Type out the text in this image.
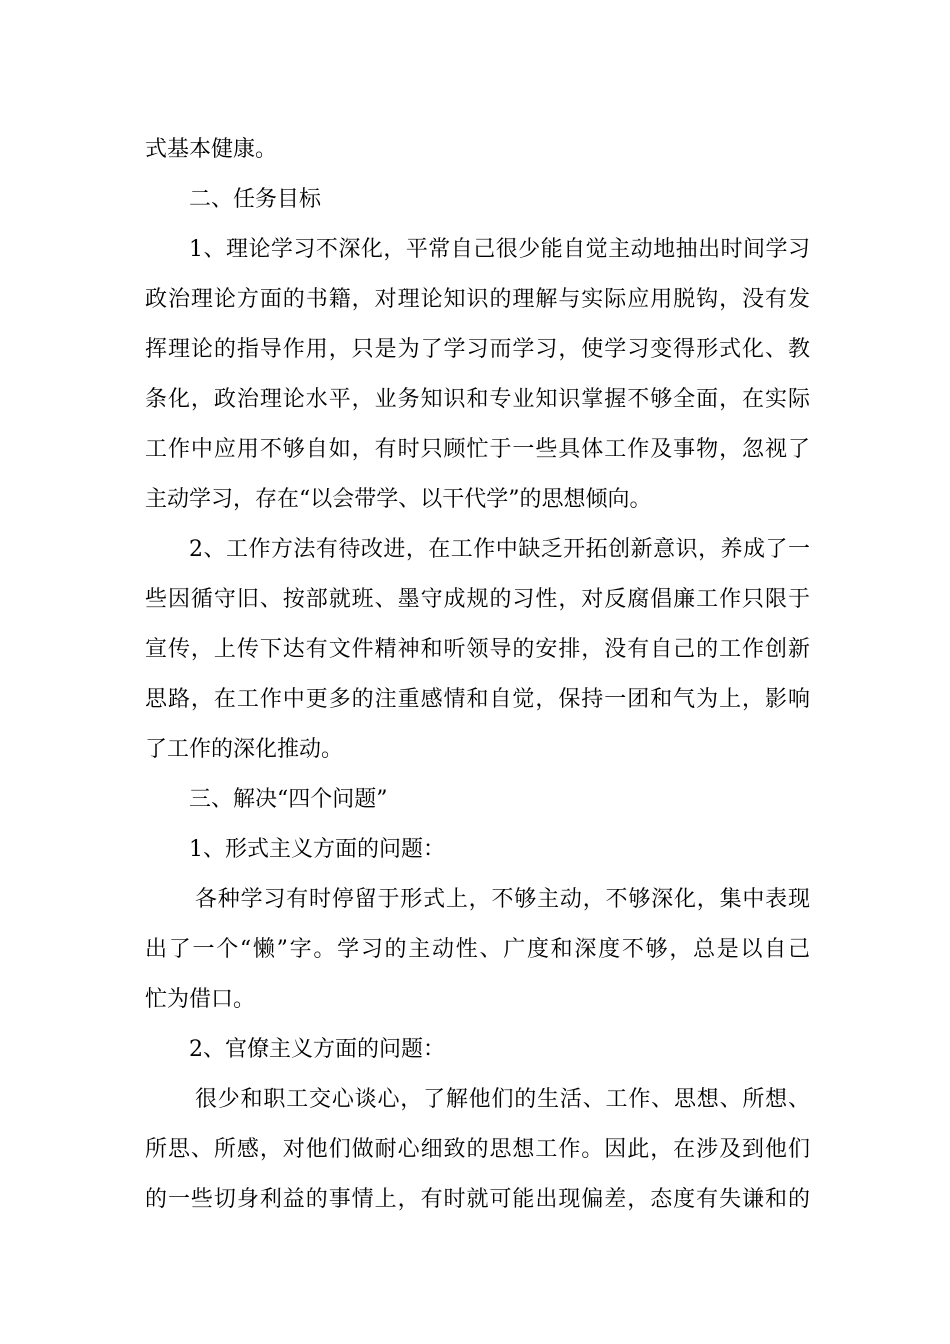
式基本健康。
二、任务目标
1、理论学习不深化，平常自己很少能自觉主动地抽出时间学习
政治理论方面的书籍，对理论知识的理解与实际应用脱钩，没有发
挥理论的指导作用，只是为了学习而学习，使学习变得形式化、教
条化，政治理论水平，业务知识和专业知识掌握不够全面，在实际
工作中应用不够自如，有时只顾忙于一些具体工作及事物，忽视了
主动学习，存在“以会带学、以干代学”的思想倾向。
2、工作方法有待改进，在工作中缺乏开拓创新意识，养成了一
些因循守旧、按部就班、墨守成规的习性，对反腐倡廉工作只限于
宣传，上传下达有文件精神和听领导的安排，没有自己的工作创新
思路，在工作中更多的注重感情和自觉，保持一团和气为上，影响
了工作的深化推动。
三、解决“四个问题”
1、形式主义方面的问题：
各种学习有时停留于形式上，不够主动，不够深化，集中表现
出了一个“懒”字。学习的主动性、广度和深度不够，总是以自己
忙为借口。
2、官僚主义方面的问题：
很少和职工交心谈心，了解他们的生活、工作、思想、所想、
所思、所感，对他们做耐心细致的思想工作。因此，在涉及到他们
的一些切身利益的事情上，有时就可能出现偏差，态度有失谦和的
